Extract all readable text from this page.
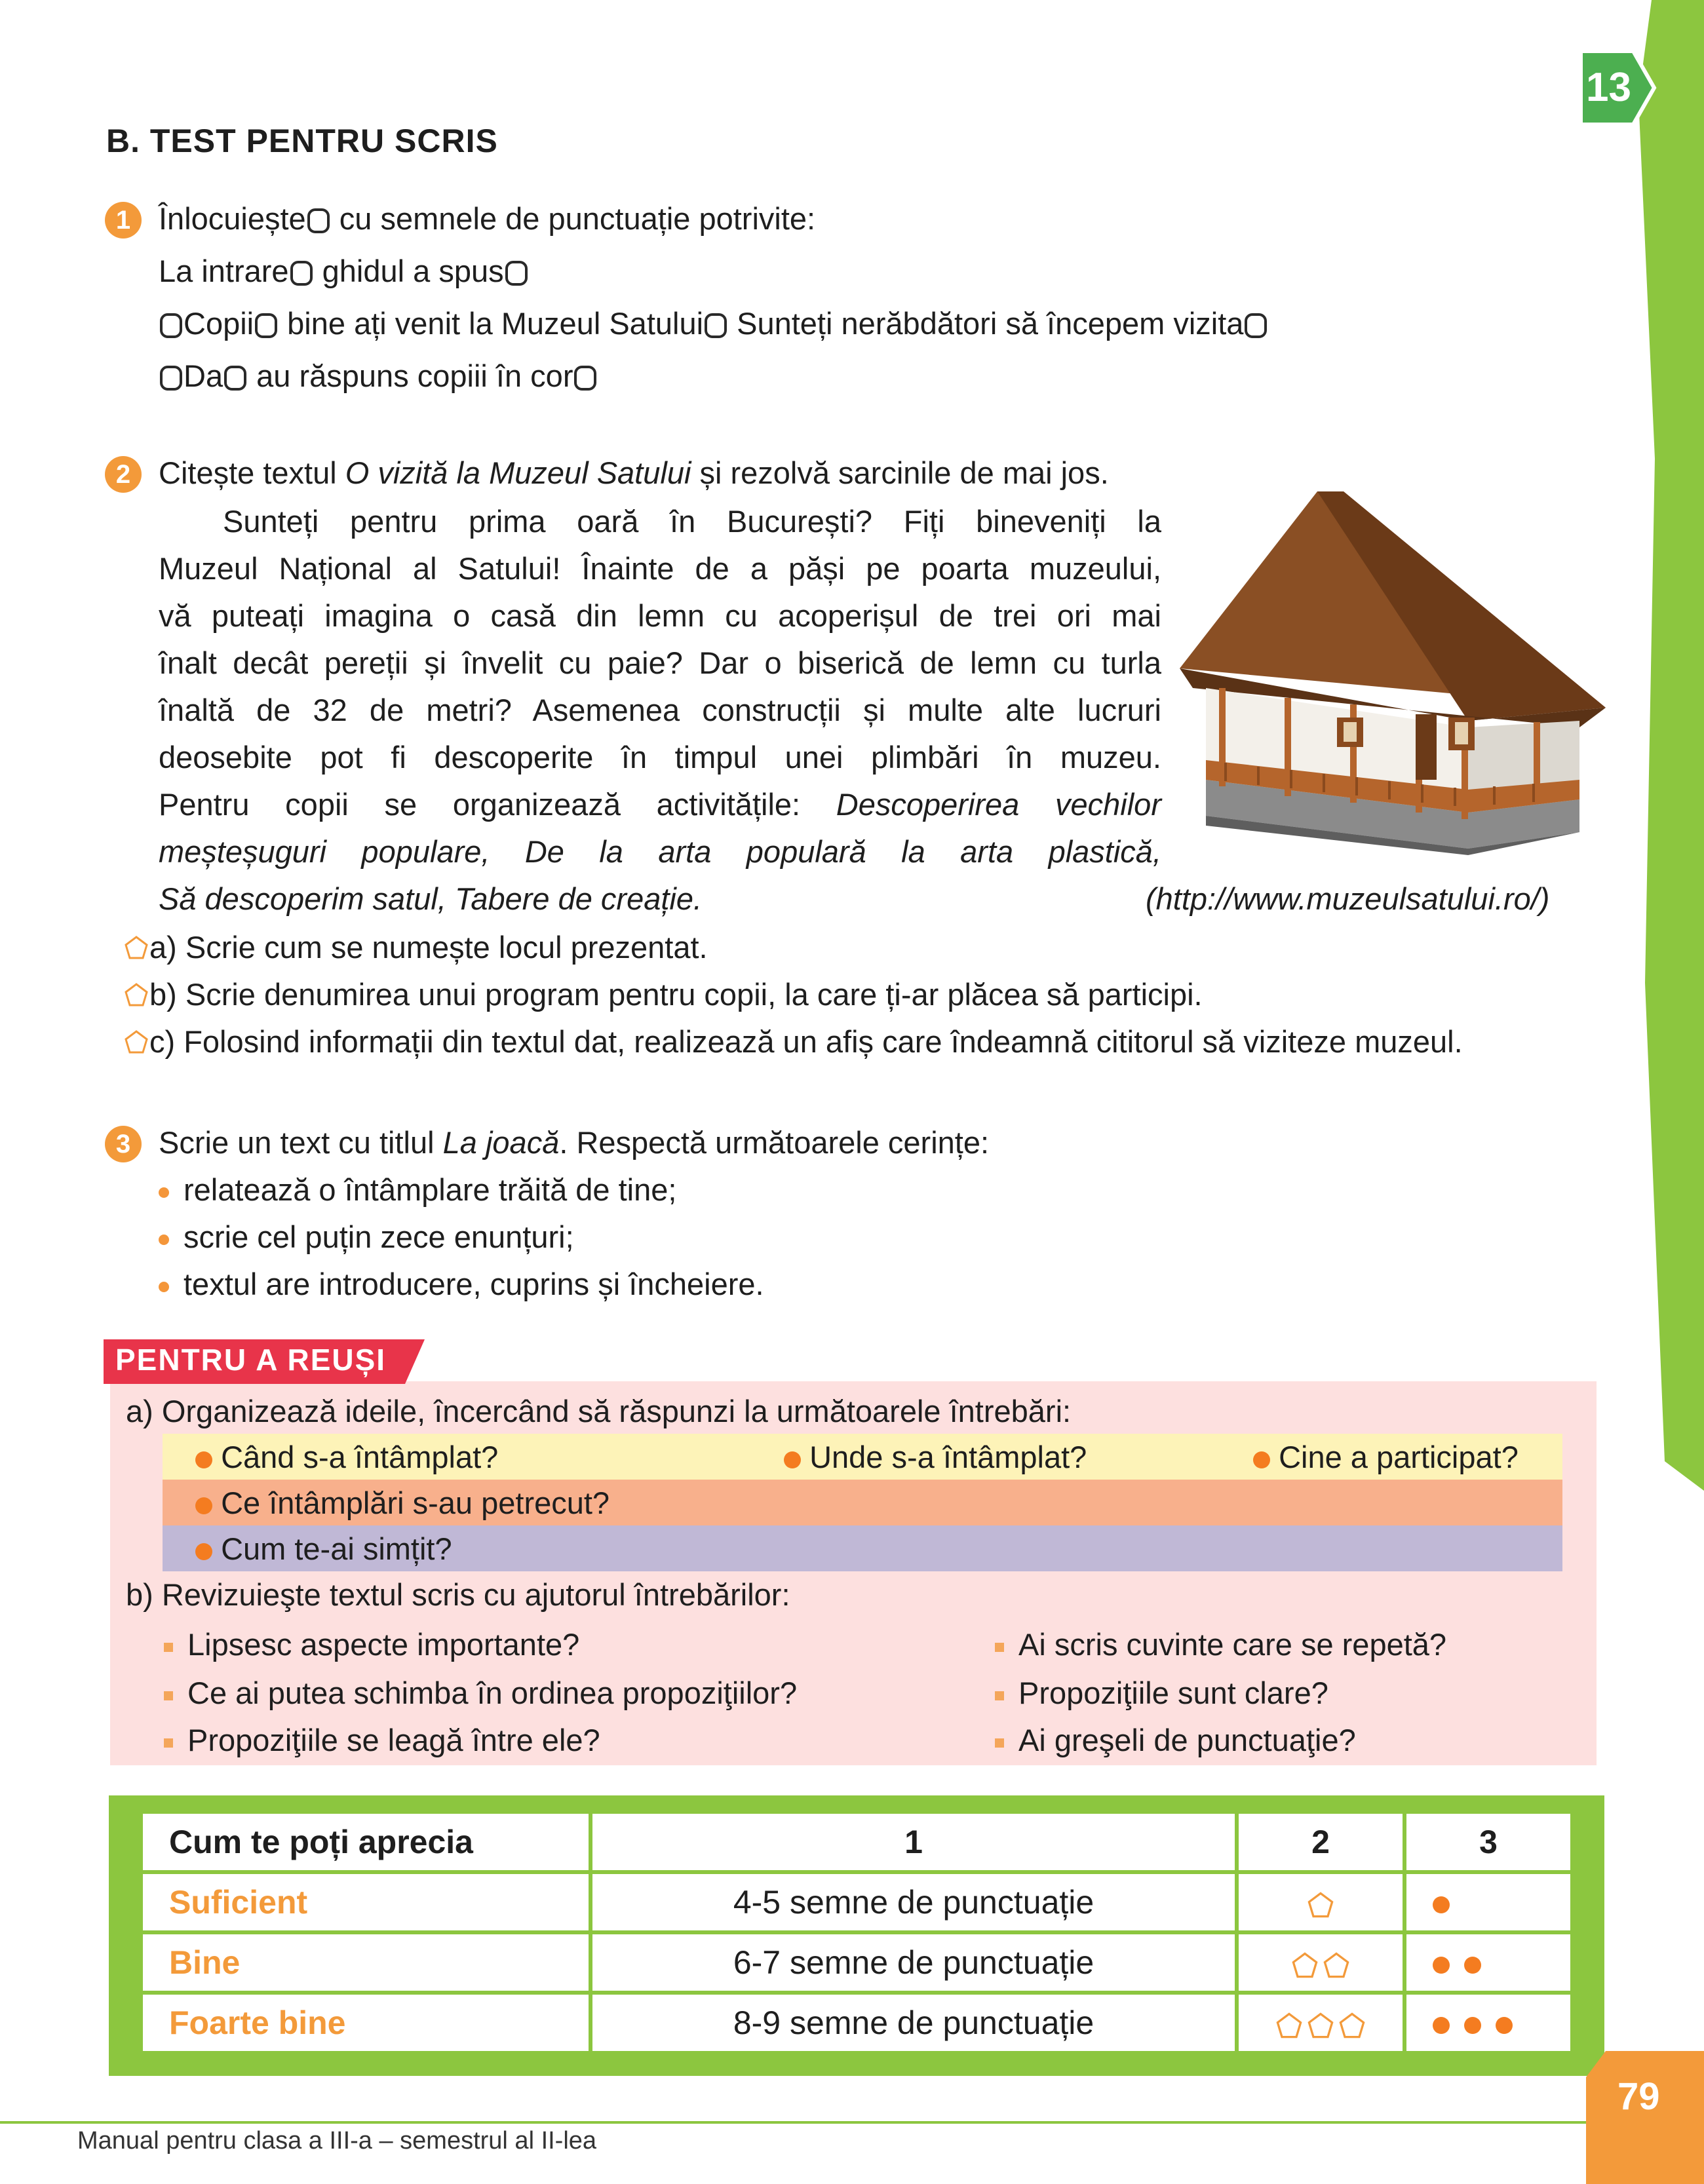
13
B. TEST PENTRU SCRIS
1 Înlocuiește cu semnele de punctuație potrivite:
La intrare ghidul a spus
Copii bine ați venit la Muzeul Satului Sunteți nerăbdători să începem vizita
Da au răspuns copiii în cor
2 Citește textul O vizită la Muzeul Satului și rezolvă sarcinile de mai jos.
Sunteți pentru prima oară în București? Fiți bineveniți la
Muzeul Național al Satului! Înainte de a păși pe poarta muzeului,
vă puteați imagina o casă din lemn cu acoperișul de trei ori mai
înalt decât pereții și învelit cu paie? Dar o biserică de lemn cu turla
înaltă de 32 de metri? Asemenea construcții și multe alte lucruri
deosebite pot fi descoperite în timpul unei plimbări în muzeu.
Pentru copii se organizează activitățile: Descoperirea vechilor
meșteșuguri populare, De la arta populară la arta plastică,
Să descoperim satul, Tabere de creație.	(http://www.muzeulsatului.ro/)
a) Scrie cum se numește locul prezentat.
b) Scrie denumirea unui program pentru copii, la care ți-ar plăcea să participi.
c) Folosind informații din textul dat, realizează un afiș care îndeamnă cititorul să viziteze muzeul.
3 Scrie un text cu titlul La joacă. Respectă următoarele cerințe:
relatează o întâmplare trăită de tine;
scrie cel puțin zece enunțuri;
textul are introducere, cuprins și încheiere.
PENTRU A REUȘI
a) Organizează ideile, încercând să răspunzi la următoarele întrebări:
Când s-a întâmplat?	Unde s-a întâmplat?	Cine a participat?
Ce întâmplări s-au petrecut?
Cum te-ai simțit?
b) Revizuieşte textul scris cu ajutorul întrebărilor:
Lipsesc aspecte importante?
Ce ai putea schimba în ordinea propoziţiilor?
Propoziţiile se leagă între ele?
Ai scris cuvinte care se repetă?
Propoziţiile sunt clare?
Ai greşeli de punctuaţie?
Cum te poți aprecia	1	2	3
Suficient	4-5 semne de punctuație		
Bine	6-7 semne de punctuație		
Foarte bine	8-9 semne de punctuație		
Manual pentru clasa a III-a – semestrul al II-lea
79
